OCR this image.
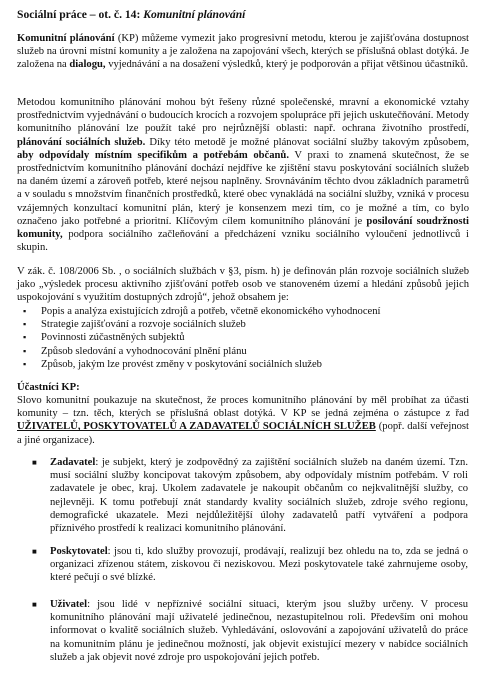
Sociální práce – ot. č. 14: Komunitní plánování

Komunitní plánování (KP) můžeme vymezit jako progresivní metodu, kterou je zajišťována dostupnost služeb na úrovni místní komunity a je založena na zapojování všech, kterých se příslušná oblast dotýká. Je založena na dialogu, vyjednávání a na dosažení výsledků, který je podporován a přijat většinou účastníků.

Metodou komunitního plánování mohou být řešeny různé společenské, mravní a ekonomické vztahy prostřednictvím vyjednávání o budoucích krocích a rozvojem spolupráce při jejich uskutečňování. Metody komunitního plánování lze použít také pro nejrůznější oblasti: např. ochrana životního prostředí, plánování sociálních služeb. Díky této metodě je možné plánovat sociální služby takovým způsobem, aby odpovídaly místním specifikům a potřebám občanů. V praxi to znamená skutečnost, že se prostřednictvím komunitního plánování dochází nejdříve ke zjištění stavu poskytování sociálních služeb na daném území a zároveň potřeb, které nejsou naplněny. Srovnáváním těchto dvou základních parametrů a v souladu s množstvím finančních prostředků, které obec vynakládá na sociální služby, vzniká v procesu vzájemných konzultací komunitní plán, který je konsenzem mezi tím, co je možné a tím, co bylo označeno jako potřebné a prioritní. Klíčovým cílem komunitního plánování je posilování soudržnosti komunity, podpora sociálního začleňování a předcházení vzniku sociálního vyloučení jednotlivců i skupin.

V zák. č. 108/2006 Sb. , o sociálních službách v §3, písm. h) je definován plán rozvoje sociálních služeb jako „výsledek procesu aktivního zjišťování potřeb osob ve stanoveném území a hledání způsobů jejich uspokojování s využitím dostupných zdrojů“, jehož obsahem je:

▪ Popis a analýza existujících zdrojů a potřeb, včetně ekonomického vyhodnocení
▪ Strategie zajišťování a rozvoje sociálních služeb
▪ Povinnosti zúčastněných subjektů
▪ Způsob sledování a vyhodnocování plnění plánu
▪ Způsob, jakým lze provést změny v poskytování sociálních služeb
Účastníci KP:

Slovo komunitní poukazuje na skutečnost, že proces komunitního plánování by měl probíhat za účasti komunity – tzn. těch, kterých se příslušná oblast dotýká. V KP se jedná zejména o zástupce z řad UŽIVATELŮ, POSKYTOVATELŮ A ZADAVATELŮ SOCIÁLNÍCH SLUŽEB (popř. další veřejnost a jiné organizace).

■ Zadavatel: je subjekt, který je zodpovědný za zajištění sociálních služeb na daném území. Tzn. musí sociální služby koncipovat takovým způsobem, aby odpovídaly místním potřebám. V roli zadavatele je obec, kraj. Ukolem zadavatele je nakoupit občanům co nejkvalitnější služby, co nejlevněji. K tomu potřebují znát standardy kvality sociálních služeb, zdroje svého regionu, demografické ukazatele. Mezi nejdůležitější úlohy zadavatelů patří vytváření a podpora příznivého prostředí k realizaci komunitního plánování.
■ Poskytovatel: jsou ti, kdo služby provozují, prodávají, realizují bez ohledu na to, zda se jedná o organizaci zřízenou státem, ziskovou či neziskovou. Mezi poskytovatele také zahrnujeme osoby, které pečují o své blízké.
■ Uživatel: jsou lidé v nepříznivé sociální situaci, kterým jsou služby určeny. V procesu komunitního plánování mají uživatelé jedinečnou, nezastupitelnou roli. Především oni mohou informovat o kvalitě sociálních služeb. Vyhledávání, oslovování a zapojování uživatelů do práce na komunitním plánu je jedinečnou možností, jak objevit existující mezery v nabídce sociálních služeb a jak objevit nové zdroje pro uspokojování jejich potřeb.
